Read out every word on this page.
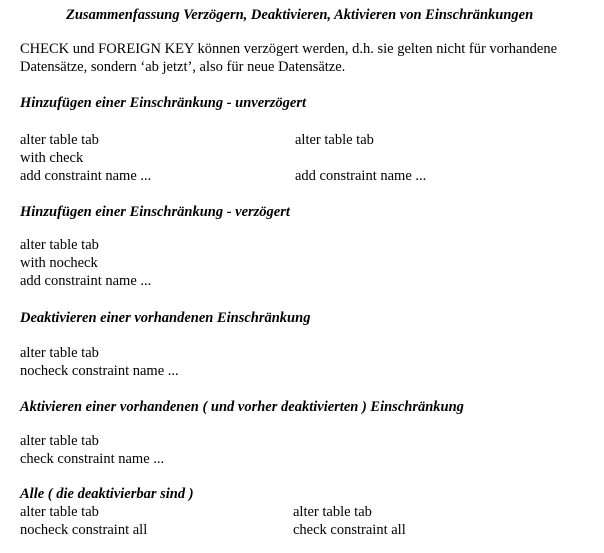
Zusammenfassung Verzögern, Deaktivieren, Aktivieren von Einschränkungen
CHECK und FOREIGN KEY können verzögert werden, d.h. sie gelten nicht für vorhandene
Datensätze, sondern ‘ab jetzt’, also für neue Datensätze.
Hinzufügen einer Einschränkung - unverzögert
alter table tab
with check
add constraint name ...
alter table tab
add constraint name ...
Hinzufügen einer Einschränkung - verzögert
alter table tab
with nocheck
add constraint name ...
Deaktivieren einer vorhandenen Einschränkung
alter table tab
nocheck constraint name ...
Aktivieren einer vorhandenen ( und vorher deaktivierten ) Einschränkung
alter table tab
check constraint name ...
Alle ( die deaktivierbar sind )
alter table tab
nocheck constraint all
alter table tab
check constraint all
